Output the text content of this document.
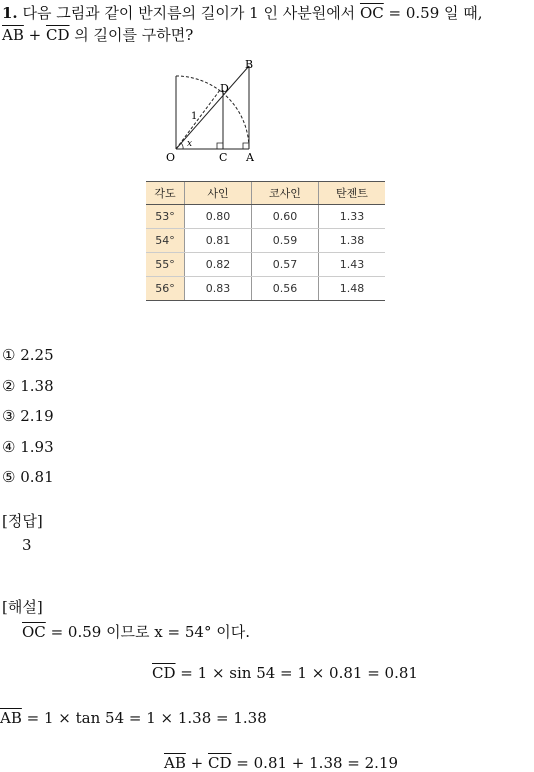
1. 다음 그림과 같이 반지름의 길이가 1 인 사분원에서 $\overline{OC} = 0.59$ 일 때,
$\overline{AB} + \overline{CD}$ 의 길이를 구하면?
O	C A
B
D
1
x
각도	사인	코사인	탄젠트
53°	0.80	0.60	1.33
54°	0.81	0.59	1.38
55°	0.82	0.57	1.43
56°	0.83	0.56	1.48
① 2.25
② 1.38
③ 2.19
④ 1.93
⑤ 0.81
[정답]
3
[해설]
$\overline{OC} = 0.59$ 이므로 x = 54° 이다.
$\overline{CD} = 1 \times \sin 54 = 1 \times 0.81 = 0.81$
$\overline{AB} = 1 \times \tan 54 = 1 \times 1.38 = 1.38$
$\overline{AB} + \overline{CD} = 0.81 + 1.38 = 2.19$
